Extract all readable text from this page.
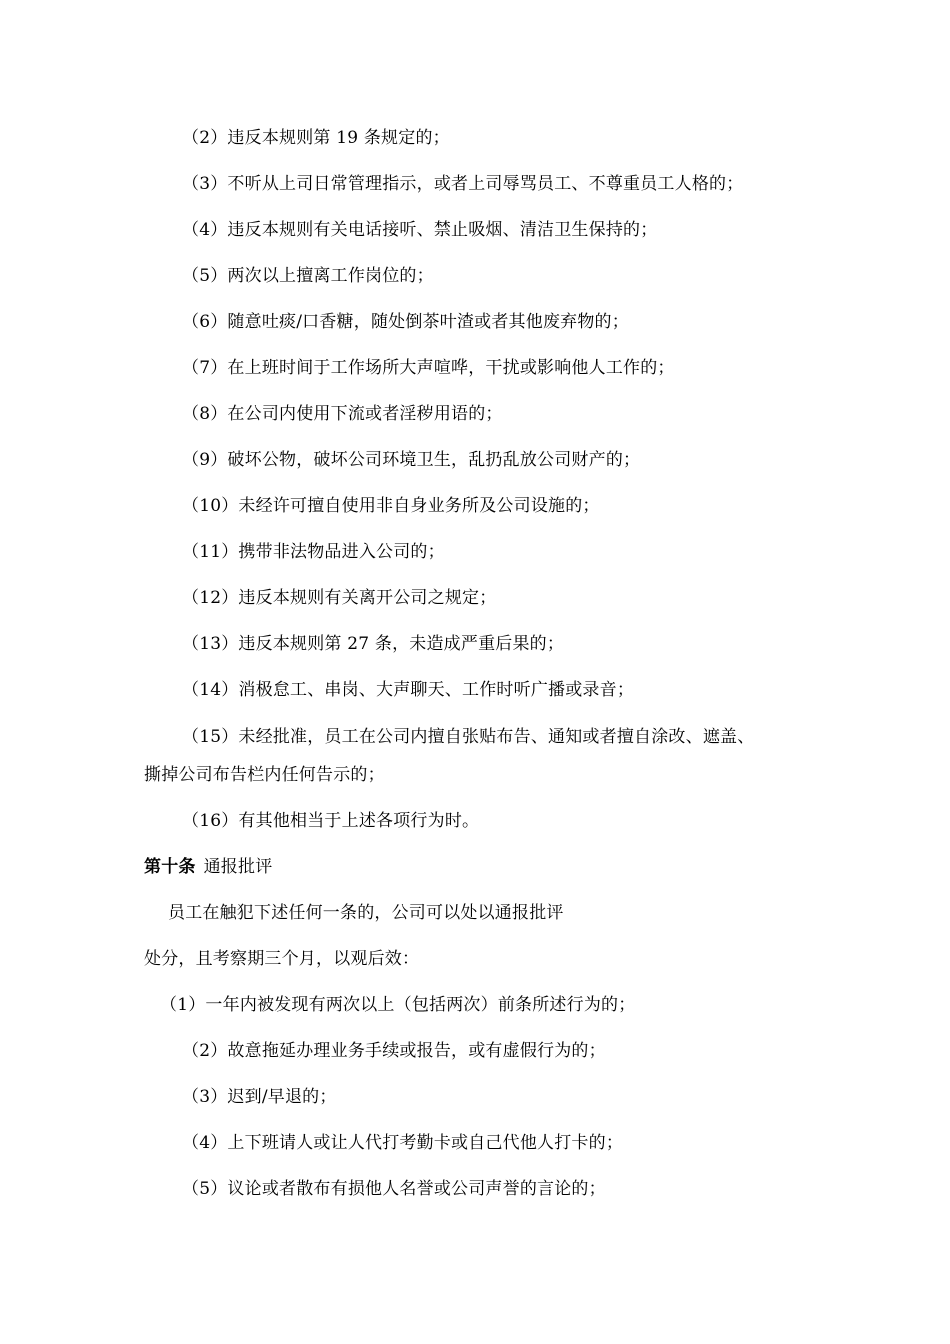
（2）违反本规则第 19 条规定的；
（3）不听从上司日常管理指示，或者上司辱骂员工、不尊重员工人格的；
（4）违反本规则有关电话接听、禁止吸烟、清洁卫生保持的；
（5）两次以上擅离工作岗位的；
（6）随意吐痰/口香糖，随处倒茶叶渣或者其他废弃物的；
（7）在上班时间于工作场所大声喧哗，干扰或影响他人工作的；
（8）在公司内使用下流或者淫秽用语的；
（9）破坏公物，破坏公司环境卫生，乱扔乱放公司财产的；
（10）未经许可擅自使用非自身业务所及公司设施的；
（11）携带非法物品进入公司的；
（12）违反本规则有关离开公司之规定；
（13）违反本规则第 27 条，未造成严重后果的；
（14）消极怠工、串岗、大声聊天、工作时听广播或录音；
（15）未经批准，员工在公司内擅自张贴布告、通知或者擅自涂改、遮盖、
撕掉公司布告栏内任何告示的；
（16）有其他相当于上述各项行为时。
第十条 通报批评
员工在触犯下述任何一条的，公司可以处以通报批评
处分，且考察期三个月，以观后效：
（1）一年内被发现有两次以上（包括两次）前条所述行为的；
（2）故意拖延办理业务手续或报告，或有虚假行为的；
（3）迟到/早退的；
（4）上下班请人或让人代打考勤卡或自己代他人打卡的；
（5）议论或者散布有损他人名誉或公司声誉的言论的；
